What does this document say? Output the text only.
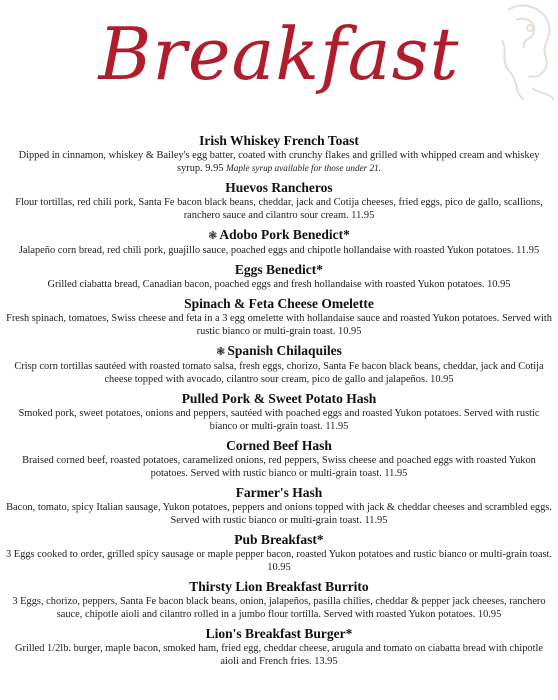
Breakfast
Irish Whiskey French Toast
Dipped in cinnamon, whiskey & Bailey's egg batter, coated with crunchy flakes and grilled with whipped cream and whiskey syrup. 9.95 Maple syrup available for those under 21.
Huevos Rancheros
Flour tortillas, red chili pork, Santa Fe bacon black beans, cheddar, jack and Cotija cheeses, fried eggs, pico de gallo, scallions, ranchero sauce and cilantro sour cream. 11.95
❃ Adobo Pork Benedict*
Jalapeño corn bread, red chili pork, guajillo sauce, poached eggs and chipotle hollandaise with roasted Yukon potatoes. 11.95
Eggs Benedict*
Grilled ciabatta bread, Canadian bacon, poached eggs and fresh hollandaise with roasted Yukon potatoes. 10.95
Spinach & Feta Cheese Omelette
Fresh spinach, tomatoes, Swiss cheese and feta in a 3 egg omelette with hollandaise sauce and roasted Yukon potatoes. Served with rustic bianco or multi-grain toast. 10.95
❃ Spanish Chilaquiles
Crisp corn tortillas sautéed with roasted tomato salsa, fresh eggs, chorizo, Santa Fe bacon black beans, cheddar, jack and Cotija cheese topped with avocado, cilantro sour cream, pico de gallo and jalapeños. 10.95
Pulled Pork & Sweet Potato Hash
Smoked pork, sweet potatoes, onions and peppers, sautéed with poached eggs and roasted Yukon potatoes. Served with rustic bianco or multi-grain toast. 11.95
Corned Beef Hash
Braised corned beef, roasted potatoes, caramelized onions, red peppers, Swiss cheese and poached eggs with roasted Yukon potatoes. Served with rustic bianco or multi-grain toast. 11.95
Farmer's Hash
Bacon, tomato, spicy Italian sausage, Yukon potatoes, peppers and onions topped with jack & cheddar cheeses and scrambled eggs. Served with rustic bianco or multi-grain toast. 11.95
Pub Breakfast*
3 Eggs cooked to order, grilled spicy sausage or maple pepper bacon, roasted Yukon potatoes and rustic bianco or multi-grain toast. 10.95
Thirsty Lion Breakfast Burrito
3 Eggs, chorizo, peppers, Santa Fe bacon black beans, onion, jalapeños, pasilla chilies, cheddar & pepper jack cheeses, ranchero sauce, chipotle aioli and cilantro rolled in a jumbo flour tortilla. Served with roasted Yukon potatoes. 10.95
Lion's Breakfast Burger*
Grilled 1/2lb. burger, maple bacon, smoked ham, fried egg, cheddar cheese, arugula and tomato on ciabatta bread with chipotle aioli and French fries. 13.95
